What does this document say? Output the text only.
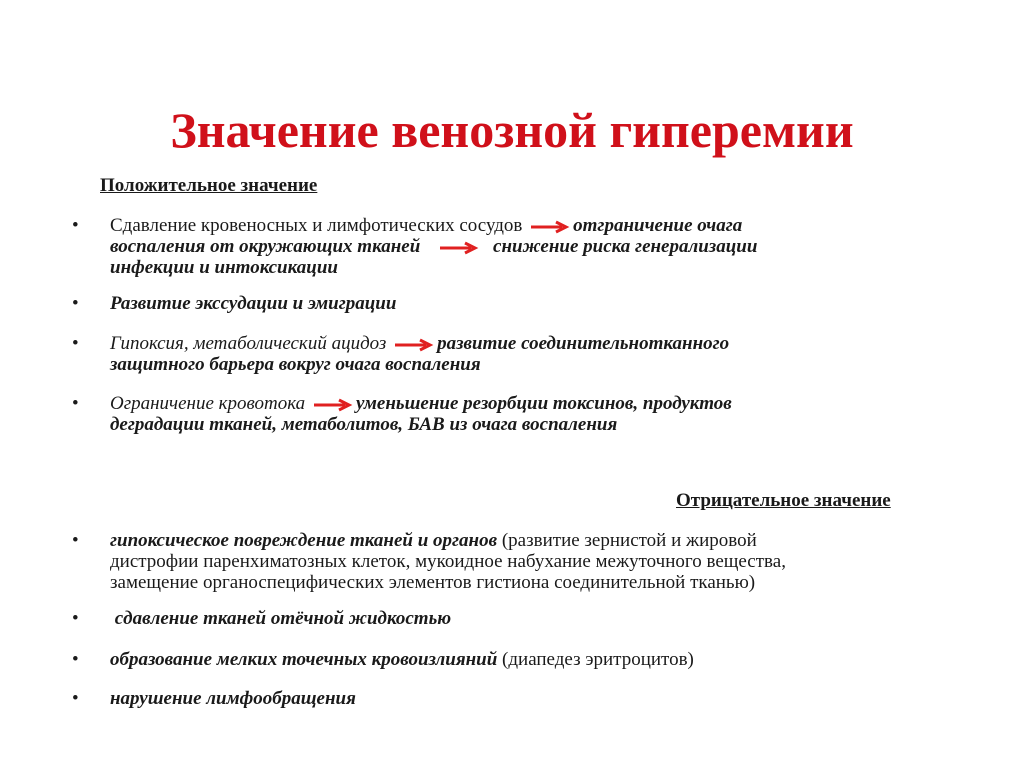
Значение венозной гиперемии
Положительное значение
•	Сдавление кровеносных и лимфотических сосудов	отграничение очага
воспаления от окружающих тканей	снижение риска генерализации
инфекции и интоксикации
•	Развитие экссудации и эмиграции
•	Гипоксия, метаболический ацидоз	развитие соединительнотканного
защитного барьера вокруг очага воспаления
•	Ограничение кровотока	уменьшение резорбции токсинов, продуктов
деградации тканей, метаболитов, БАВ из очага воспаления
Отрицательное значение
•	гипоксическое повреждение тканей и органов (развитие зернистой и жировой
дистрофии паренхиматозных клеток, мукоидное набухание межуточного вещества,
замещение органоспецифических элементов гистиона соединительной тканью)
•	сдавление тканей отёчной жидкостью
•	образование мелких точечных кровоизлияний (диапедез эритроцитов)
•	нарушение лимфообращения
